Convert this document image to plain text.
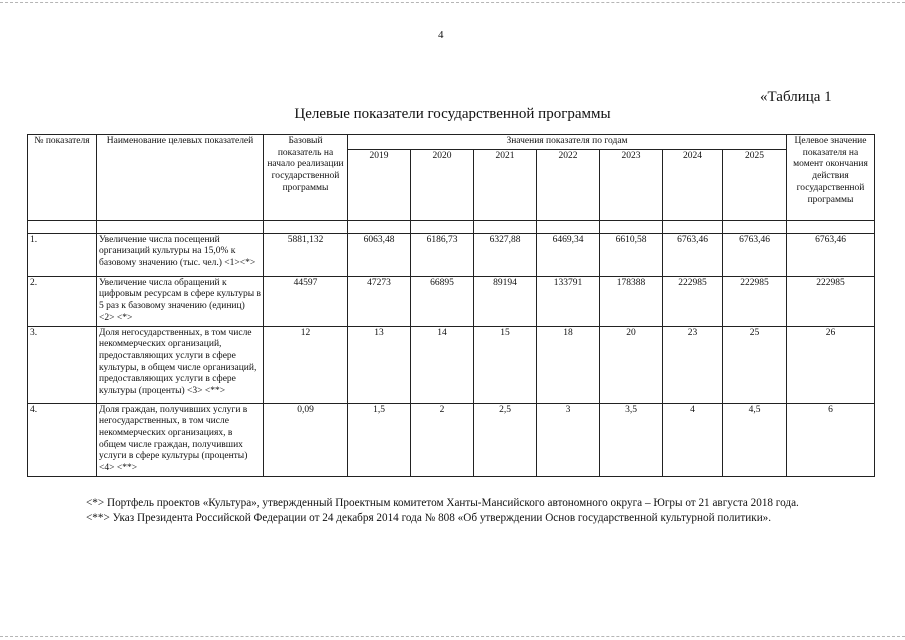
4
«Таблица 1
Целевые показатели государственной программы
№ показателя	Наименование целевых показателей	Базовый показатель на начало реализации государственной программы	Значения показателя по годам							Целевое значение показателя на момент окончания действия государственной программы
			2019	2020	2021	2022	2023	2024	2025	

1.	Увеличение числа посещений организаций культуры на 15,0% к базовому значению (тыс. чел.) <1><*>	5881,132	6063,48	6186,73	6327,88	6469,34	6610,58	6763,46	6763,46	6763,46
2.	Увеличение числа обращений к цифровым ресурсам в сфере культуры в 5 раз к базовому значению (единиц) <2> <*>	44597	47273	66895	89194	133791	178388	222985	222985	222985
3.	Доля негосударственных, в том числе некоммерческих организаций, предоставляющих услуги в сфере культуры, в общем числе организаций, предоставляющих услуги в сфере культуры (проценты) <3> <**>	12	13	14	15	18	20	23	25	26
4.	Доля граждан, получивших услуги в негосударственных, в том числе некоммерческих организациях, в общем числе граждан, получивших услуги в сфере культуры (проценты) <4> <**>	0,09	1,5	2	2,5	3	3,5	4	4,5	6

<*> Портфель проектов «Культура», утвержденный Проектным комитетом Ханты-Мансийского автономного округа – Югры от 21 августа 2018 года.

<**> Указ Президента Российской Федерации от 24 декабря 2014 года № 808 «Об утверждении Основ государственной культурной политики».
